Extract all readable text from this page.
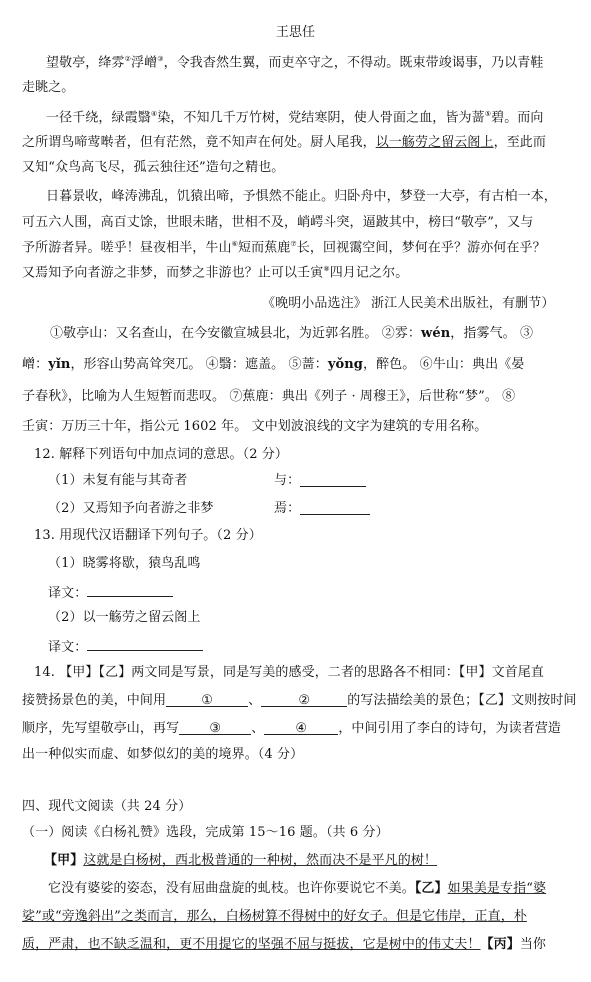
王思任
望敬亭，绛雰②浮嶒③，令我杳然生翼，而吏卒守之，不得动。既束带竣谒事，乃以青鞋
走眺之。
一径千绕，绿霞翳④染，不知几千万竹树，党结寒阴，使人骨面之血，皆为蔷⑤碧。而向
之所谓鸟啼莺啭者，但有茫然，竟不知声在何处。厨人尾我，以一觞劳之留云阁上，至此而
又知“众鸟高飞尽，孤云独往还”造句之精也。
日暮景收，峰涛沸乱，饥猿出啼，予惧然不能止。归卧舟中，梦登一大亭，有古柏一本，
可五六人围，高百丈馀，世眼未睹，世相不及，峭崿斗突，逼跛其中，榜曰“敬亭”，又与
予所游者异。嗟乎！昼夜相半，牛山⑥短而蕉鹿⑦长，回视霭空间，梦何在乎？游亦何在乎？
又焉知予向者游之非梦，而梦之非游也？止可以壬寅⑧四月记之尔。
《晚明小品选注》 浙江人民美术出版社，有删节）
①敬亭山：又名查山，在今安徽宣城县北，为近郭名胜。 ②雰：wén，指雾气。 ③
嶒：yǐn，形容山势高耸突兀。 ④翳：遮盖。 ⑤蔷：yǒng，醉色。 ⑥牛山：典出《晏
子春秋》，比喻为人生短暂而悲叹。 ⑦蕉鹿：典出《列子 · 周穆王》，后世称“梦”。 ⑧
壬寅：万历三十年，指公元 1602 年。 文中划波浪线的文字为建筑的专用名称。
12. 解释下列语句中加点词的意思。（2 分）
（1）未复有能与其奇者	与：
（2）又焉知予向者游之非梦	焉：
13. 用现代汉语翻译下列句子。（2 分）
（1）晓雾将歇，猿鸟乱鸣
译文：
（2）以一觞劳之留云阁上
译文：
14. 【甲】【乙】两文同是写景，同是写美的感受，二者的思路各不相同：【甲】文首尾直
接赞扬景色的美，中间用	①	、	②	的写法描绘美的景色；【乙】文则按时间
顺序，先写望敬亭山，再写 ③ 、 ④ ，中间引用了李白的诗句，为读者营造
出一种似实而虚、如梦似幻的美的境界。（4 分）
四、现代文阅读（共 24 分）
（一）阅读《白杨礼赞》选段，完成第 15～16 题。（共 6 分）
【甲】这就是白杨树，西北极普通的一种树，然而决不是平凡的树！
它没有婆娑的姿态，没有屈曲盘旋的虬枝。也许你要说它不美。【乙】如果美是专指“婆
娑”或“旁逸斜出”之类而言，那么，白杨树算不得树中的好女子。但是它伟岸，正直，朴
质，严肃，也不缺乏温和，更不用提它的坚强不屈与挺拔，它是树中的伟丈夫！【丙】当你
